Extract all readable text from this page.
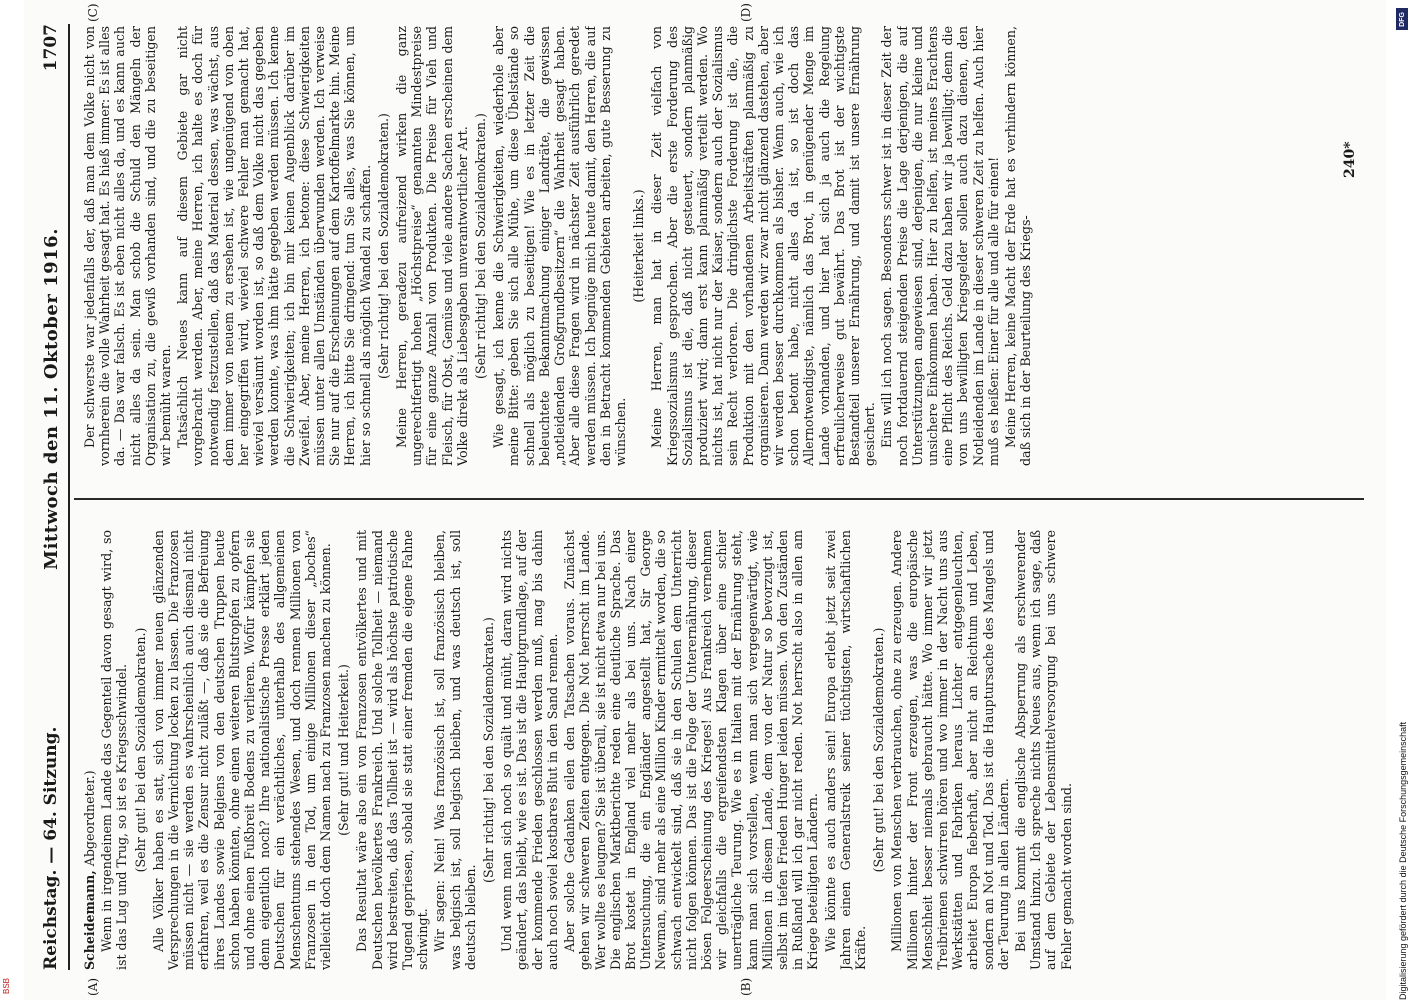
Reichstag. — 64. Sitzung.
Mittwoch den 11. Oktober 1916.
1707
(A)	(B)
(C)	(D)

Scheidemann, Abgeordneter.) Wenn in irgendeinem Lande das Gegenteil davon gesagt wird, so ist das Lug und Trug, so ist es Kriegsschwindel. (Sehr gut! bei den Sozialdemokraten.) Alle Völker haben es satt, sich von immer neuen glänzenden Versprechungen in die Vernichtung locken zu lassen. Die Franzosen müssen nicht — sie werden es wahrscheinlich auch diesmal nicht erfahren, weil es die Zensur nicht zuläßt —, daß sie die Befreiung ihres Landes sowie Belgiens von den deutschen Truppen heute schon haben könnten, ohne einen weiteren Blutstropfen zu opfern und ohne einen Fußbreit Bodens zu verlieren. Wofür kämpfen sie denn eigentlich noch? Ihre nationalistische Presse erklärt jeden Deutschen für ein verächtliches, unterhalb des allgemeinen Menschentums stehendes Wesen, und doch rennen Millionen von Franzosen in den Tod, um einige Millionen dieser „boches“ vielleicht doch dem Namen nach zu Franzosen machen zu können. (Sehr gut! und Heiterkeit.) Das Resultat wäre also ein von Franzosen entvölkertes und mit Deutschen bevölkertes Frankreich. Und solche Tollheit — niemand wird bestreiten, daß das Tollheit ist — wird als höchste patriotische Tugend gepriesen, sobald sie statt einer fremden die eigene Fahne schwingt. Wir sagen: Nein! Was französisch ist, soll französisch bleiben, was belgisch ist, soll belgisch bleiben, und was deutsch ist, soll deutsch bleiben.

(Sehr richtig! bei den Sozialdemokraten.) Und wenn man sich noch so quält und müht, daran wird nichts geändert, das bleibt, wie es ist. Das ist die Hauptgrundlage, auf der der kommende Frieden geschlossen werden muß, mag bis dahin auch noch soviel kostbares Blut in den Sand rennen. Aber solche Gedanken eilen den Tatsachen voraus. Zunächst gehen wir schweren Zeiten entgegen. Die Not herrscht im Lande. Wer wollte es leugnen? Sie ist überall, sie ist nicht etwa nur bei uns. Die englischen Marktberichte reden eine deutliche Sprache. Das Brot kostet in England viel mehr als bei uns. Nach einer Untersuchung, die ein Engländer angestellt hat, Sir George Newman, sind mehr als eine Million Kinder ermittelt worden, die so schwach entwickelt sind, daß sie in den Schulen dem Unterricht nicht folgen können. Das ist die Folge der Unterernährung, dieser bösen Folgeerscheinung des Krieges! Aus Frankreich vernehmen wir gleichfalls die ergreifendsten Klagen über eine schier unerträgliche Teurung. Wie es in Italien mit der Ernährung steht, kann man sich vorstellen, wenn man sich vergegenwärtigt, wie Millionen in diesem Lande, dem von der Natur so bevorzugt ist, selbst im tiefen Frieden Hunger leiden müssen. Von den Zuständen in Rußland will ich gar nicht reden. Not herrscht also in allen am Kriege beteiligten Ländern. Wie könnte es auch anders sein! Europa erlebt jetzt seit zwei Jahren einen Generalstreik seiner tüchtigsten, wirtschaftlichen Kräfte.

(Sehr gut! bei den Sozialdemokraten.) Millionen von Menschen verbrauchen, ohne zu erzeugen. Andere Millionen hinter der Front erzeugen, was die europäische Menschheit besser niemals gebraucht hätte. Wo immer wir jetzt Treibriemen schwirren hören und wo immer in der Nacht uns aus Werkstätten und Fabriken heraus Lichter entgegenleuchten, arbeitet Europa fieberhaft, aber nicht an Reichtum und Leben, sondern an Not und Tod. Das ist die Hauptursache des Mangels und der Teurung in allen Ländern. Bei uns kommt die englische Absperrung als erschwerender Umstand hinzu. Ich spreche nichts Neues aus, wenn ich sage, daß auf dem Gebiete der Lebensmittelversorgung bei uns schwere Fehler gemacht worden sind.

Der schwerste war jedenfalls der, daß man dem Volke nicht von vornherein die volle Wahrheit gesagt hat. Es hieß immer: Es ist alles da. — Das war falsch. Es ist eben nicht alles da, und es kann auch nicht alles da sein. Man schob die Schuld den Mängeln der Organisation zu, die gewiß vorhanden sind, und die zu beseitigen wir bemüht waren. Tatsächlich Neues kann auf diesem Gebiete gar nicht vorgebracht werden. Aber, meine Herren, ich halte es doch für notwendig festzustellen, daß das Material dessen, was wächst, aus dem immer von neuem zu ersehen ist, wie ungenügend von oben her eingegriffen wird, wieviel schwere Fehler man gemacht hat, wieviel versäumt worden ist, so daß dem Volke nicht das gegeben werden konnte, was ihm hätte gegeben werden müssen. Ich kenne die Schwierigkeiten; ich bin mir keinen Augenblick darüber im Zweifel. Aber, meine Herren, ich betone: diese Schwierigkeiten müssen unter allen Umständen überwunden werden. Ich verweise Sie nur auf die Erscheinungen auf dem Kartoffelmarkte hin. Meine Herren, ich bitte Sie dringend: tun Sie alles, was Sie können, um hier so schnell als möglich Wandel zu schaffen. (Sehr richtig! bei den Sozialdemokraten.) Meine Herren, geradezu aufreizend wirken die ganz ungerechtfertigt hohen „Höchstpreise“ genannten Mindestpreise für eine ganze Anzahl von Produkten. Die Preise für Vieh und Fleisch, für Obst, Gemüse und viele andere Sachen erscheinen dem Volke direkt als Liebesgaben unverantwortlicher Art. (Sehr richtig! bei den Sozialdemokraten.) Wie gesagt, ich kenne die Schwierigkeiten, wiederhole aber meine Bitte: geben Sie sich alle Mühe, um diese Übelstände so schnell als möglich zu beseitigen! Wie es in letzter Zeit die beleuchtete Bekanntmachung einiger Landräte, die gewissen „notleidenden Großgrundbesitzern“ die Wahrheit gesagt haben. Aber alle diese Fragen wird in nächster Zeit ausführlich geredet werden müssen. Ich begnüge mich heute damit, den Herren, die auf den in Betracht kommenden Gebieten arbeiten, gute Besserung zu wünschen.

(Heiterkeit links.) Meine Herren, man hat in dieser Zeit vielfach von Kriegssozialismus gesprochen. Aber die erste Forderung des Sozialismus ist die, daß nicht gesteuert, sondern planmäßig produziert wird; dann erst kann planmäßig verteilt werden. Wo nichts ist, hat nicht nur der Kaiser, sondern auch der Sozialismus sein Recht verloren. Die dringlichste Forderung ist die, die Produktion mit den vorhandenen Arbeitskräften planmäßig zu organisieren. Dann werden wir zwar nicht glänzend dastehen, aber wir werden besser durchkommen als bisher. Wenn auch, wie ich schon betont habe, nicht alles da ist, so ist doch das Allernotwendigste, nämlich das Brot, in genügender Menge im Lande vorhanden, und hier hat sich ja auch die Regelung erfreulicherweise gut bewährt. Das Brot ist der wichtigste Bestandteil unserer Ernährung, und damit ist unsere Ernährung gesichert. Eins will ich noch sagen. Besonders schwer ist in dieser Zeit der noch fortdauernd steigenden Preise die Lage derjenigen, die auf Unterstützungen angewiesen sind, derjenigen, die nur kleine und unsichere Einkommen haben. Hier zu helfen, ist meines Erachtens eine Pflicht des Reichs. Geld dazu haben wir ja bewilligt; denn die von uns bewilligten Kriegsgelder sollen auch dazu dienen, den Notleidenden im Lande in dieser schweren Zeit zu helfen. Auch hier muß es heißen: Einer für alle und alle für einen! Meine Herren, keine Macht der Erde hat es verhindern können, daß sich in der Beurteilung des Kriegs-

240*
DFG
Digitalisierung gefördert durch die Deutsche Forschungsgemeinschaft
BSB
